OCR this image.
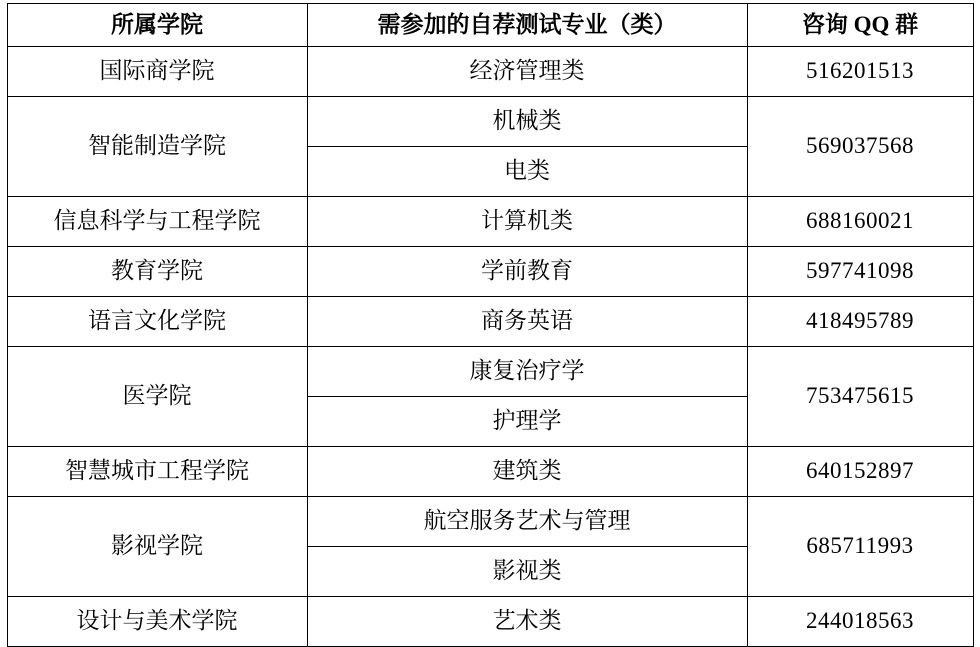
所属学院	需参加的自荐测试专业（类）	咨询 QQ 群
国际商学院	经济管理类	516201513
智能制造学院	机械类	569037568
	电类	
信息科学与工程学院	计算机类	688160021
教育学院	学前教育	597741098
语言文化学院	商务英语	418495789
医学院	康复治疗学	753475615
	护理学	
智慧城市工程学院	建筑类	640152897
影视学院	航空服务艺术与管理	685711993
	影视类	
设计与美术学院	艺术类	244018563
